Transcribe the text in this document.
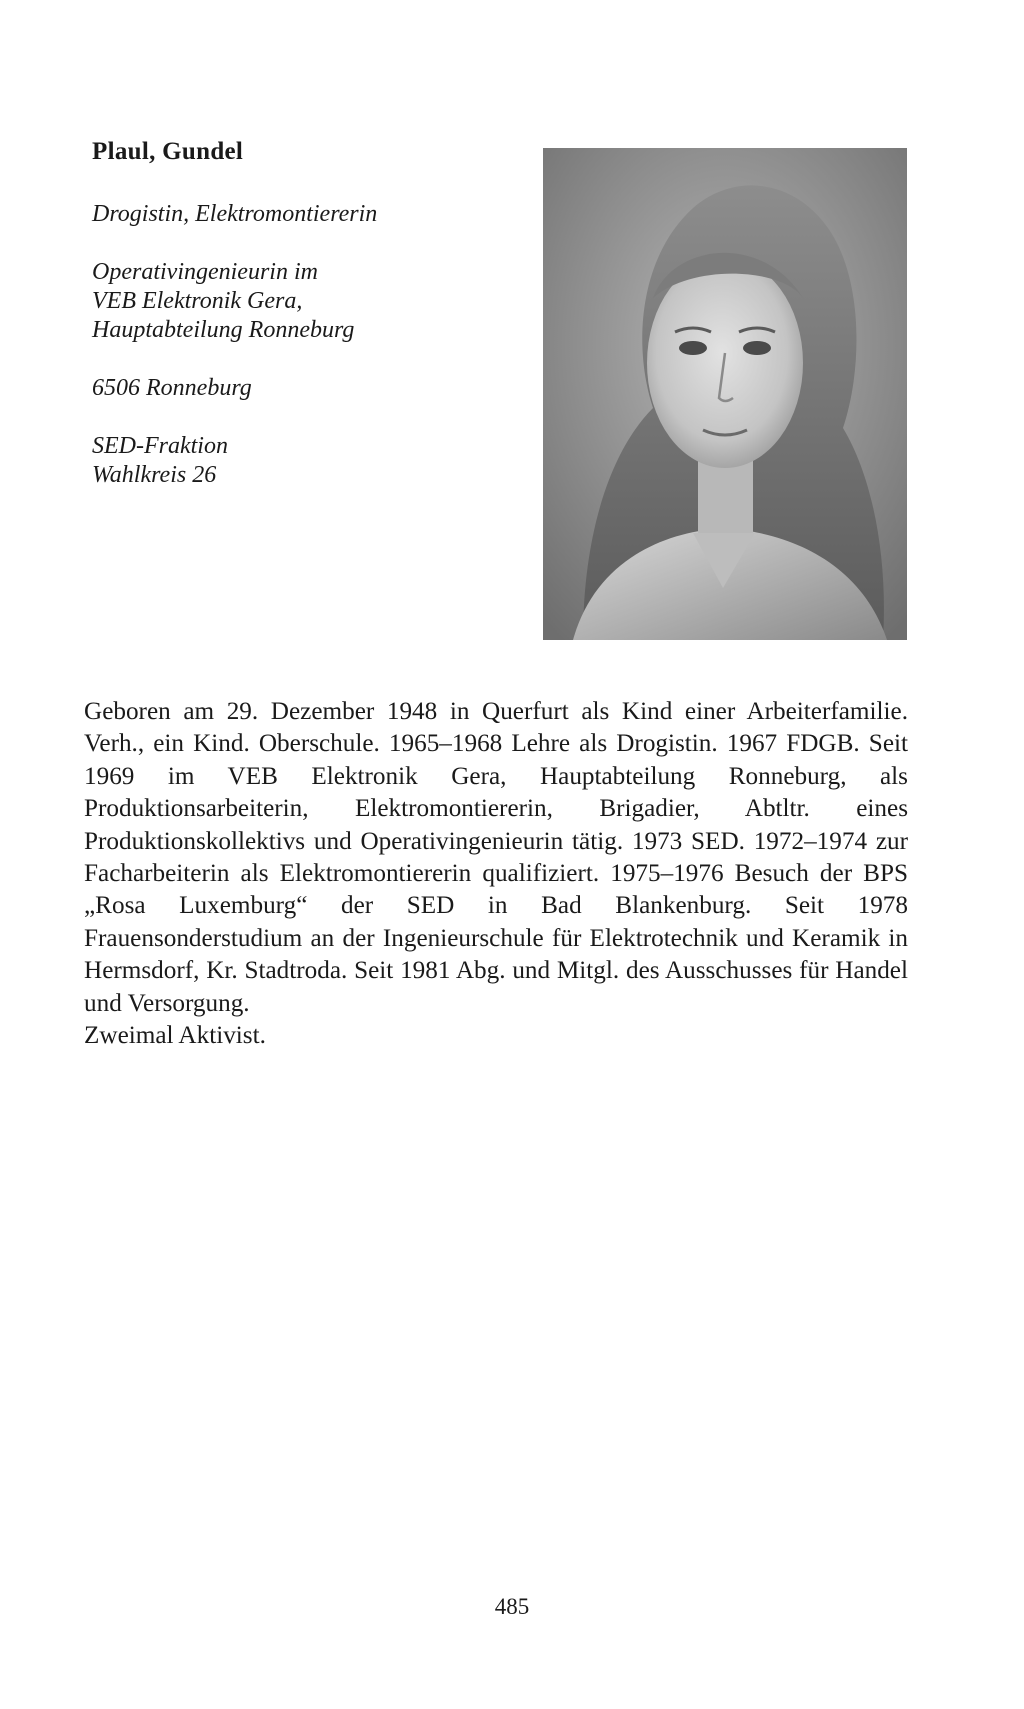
Plaul, Gundel

Drogistin, Elektromontiererin

Operativingenieurin im
VEB Elektronik Gera,
Hauptabteilung Ronneburg

6506 Ronneburg

SED-Fraktion
Wahlkreis 26

Geboren am 29. Dezember 1948 in Querfurt als Kind einer Arbeiterfamilie. Verh., ein Kind. Oberschule. 1965–1968 Lehre als Drogistin. 1967 FDGB. Seit 1969 im VEB Elektronik Gera, Hauptabteilung Ronneburg, als Produktionsarbeiterin, Elektromontiererin, Brigadier, Abtltr. eines Produktionskollektivs und Operativingenieurin tätig. 1973 SED. 1972–1974 zur Facharbeiterin als Elektromontiererin qualifiziert. 1975–1976 Besuch der BPS „Rosa Luxemburg“ der SED in Bad Blankenburg. Seit 1978 Frauensonderstudium an der Ingenieurschule für Elektrotechnik und Keramik in Hermsdorf, Kr. Stadtroda. Seit 1981 Abg. und Mitgl. des Ausschusses für Handel und Versorgung.

Zweimal Aktivist.

485
